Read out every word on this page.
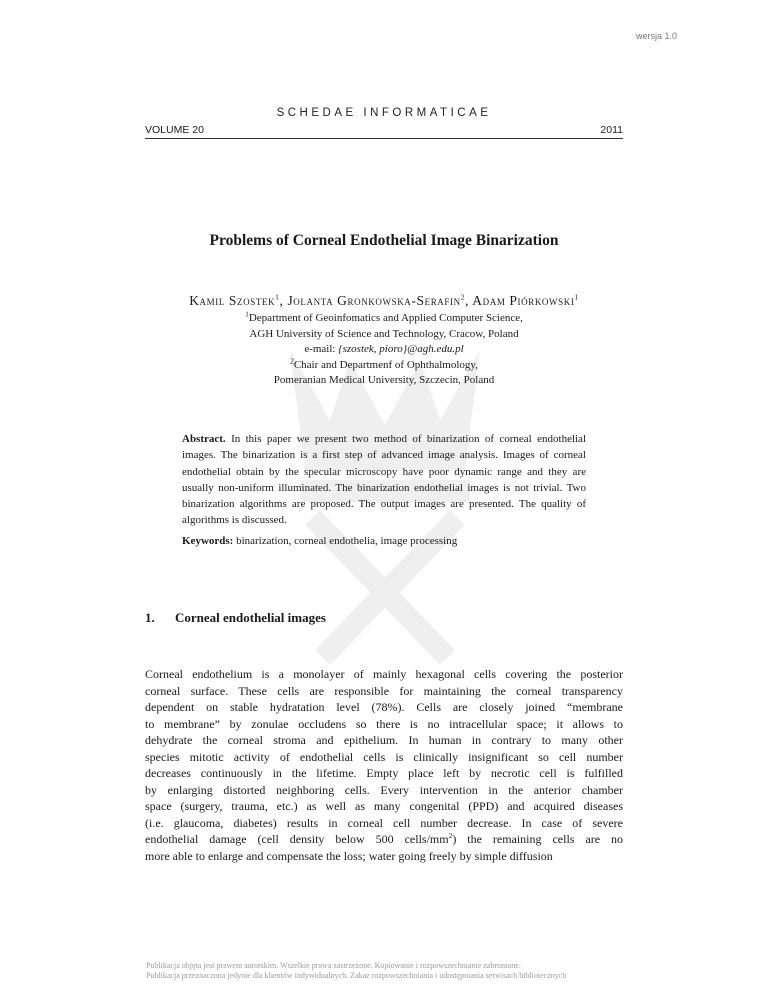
wersja 1.0
SCHEDAE INFORMATICAE
VOLUME 20	2011
Problems of Corneal Endothelial Image Binarization
Kamil Szostek$^1$, Jolanta Gronkowska-Serafin$^2$, Adam Piórkowski$^1$
$^1$Department of Geoinfomatics and Applied Computer Science,
AGH University of Science and Technology, Cracow, Poland
e-mail: {szostek, pioro}@agh.edu.pl
$^2$Chair and Departmenf of Ophthalmology,
Pomeranian Medical University, Szczecin, Poland
Abstract. In this paper we present two method of binarization of corneal endothelial images. The binarization is a first step of advanced image analysis. Images of corneal endothelial obtain by the specular microscopy have poor dynamic range and they are usually non-uniform illuminated. The binarization endothelial images is not trivial. Two binarization algorithms are proposed. The output images are presented. The quality of algorithms is discussed.
Keywords: binarization, corneal endothelia, image processing
1. Corneal endothelial images
Corneal endothelium is a monolayer of mainly hexagonal cells covering the posterior
corneal surface. These cells are responsible for maintaining the corneal transparency
dependent on stable hydratation level (78%). Cells are closely joined “membrane
to membrane” by zonulae occludens so there is no intracellular space; it allows to
dehydrate the corneal stroma and epithelium. In human in contrary to many other
species mitotic activity of endothelial cells is clinically insignificant so cell number
decreases continuously in the lifetime. Empty place left by necrotic cell is fulfilled
by enlarging distorted neighboring cells. Every intervention in the anterior chamber
space (surgery, trauma, etc.) as well as many congenital (PPD) and acquired diseases
(i.e. glaucoma, diabetes) results in corneal cell number decrease. In case of severe
endothelial damage (cell density below 500 cells/$mm^2$) the remaining cells are no
more able to enlarge and compensate the loss; water going freely by simple diffusion
Publikacja objęta jest prawem autorskim. Wszelkie prawa zastrzeżone. Kopiowanie i rozpowszechnianie zabronione.
Publikacja przeznaczona jedynie dla klientów indywidualnych. Zakaz rozpowszechniania i udostępniania serwisach bibliotecznych
